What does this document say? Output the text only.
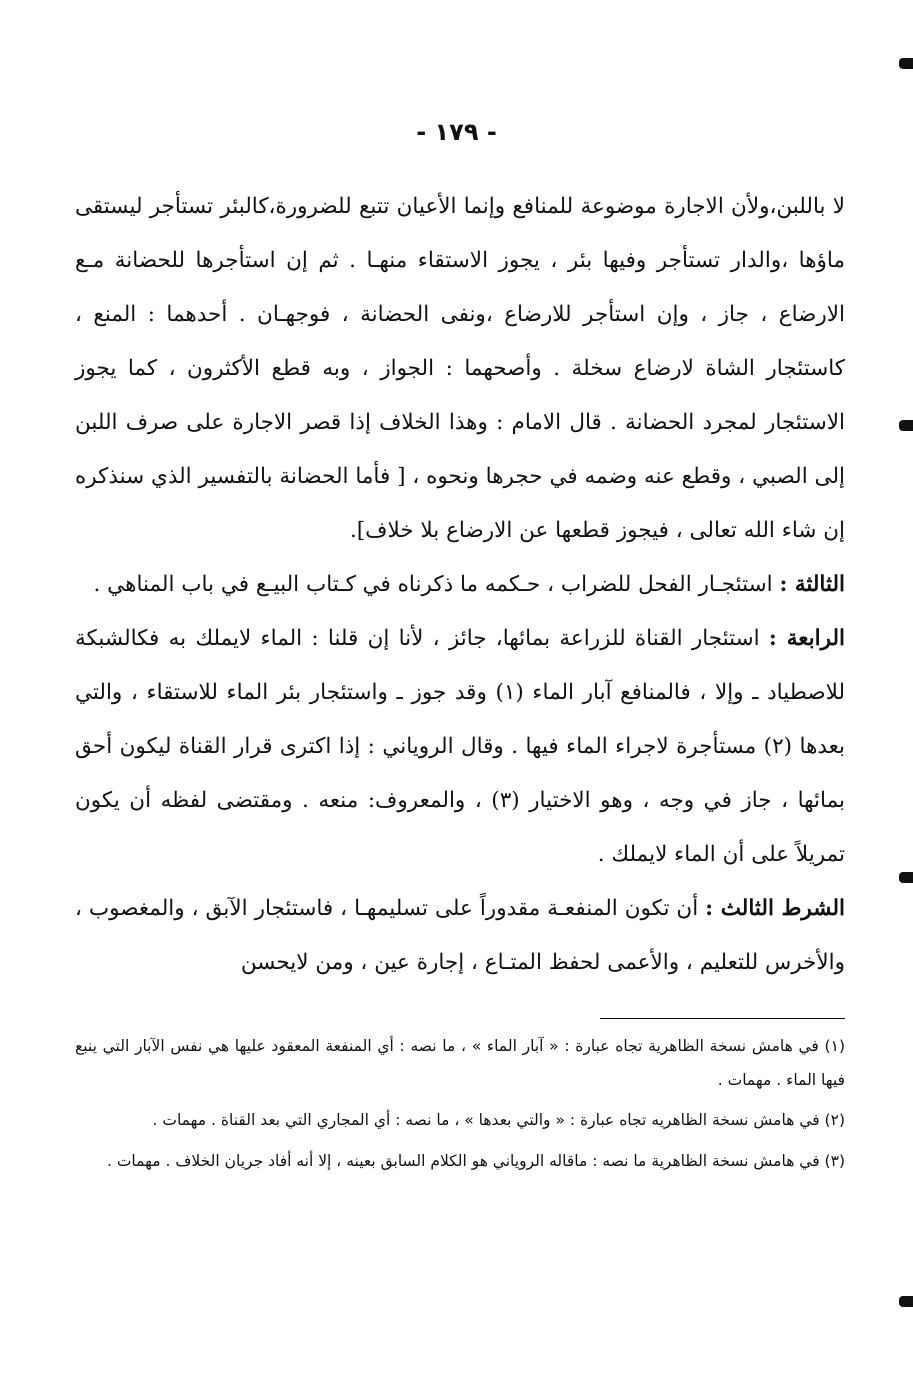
- ١٧٩ -

لا باللبن،ولأن الاجارة موضوعة للمنافع وإنما الأعيان تتبع للضرورة،كالبئر تستأجر ليستقى ماؤها ،والدار تستأجر وفيها بئر ، يجوز الاستقاء منهـا . ثم إن استأجرها للحضانة مـع الارضاع ، جاز ، وإن استأجر للارضاع ،ونفى الحضانة ، فوجهـان . أحدهما : المنع ، كاستئجار الشاة لارضاع سخلة . وأصحهما : الجواز ، وبه قطع الأكثرون ، كما يجوز الاستئجار لمجرد الحضانة . قال الامام : وهذا الخلاف إذا قصر الاجارة على صرف اللبن إلى الصبي ، وقطع عنه وضمه في حجرها ونحوه ، [ فأما الحضانة بالتفسير الذي سنذكره إن شاء الله تعالى ، فيجوز قطعها عن الارضاع بلا خلاف].

الثالثة : استئجـار الفحل للضراب ، حـكمه ما ذكرناه في كـتاب البيـع في باب المناهي .

الرابعة : استئجار القناة للزراعة بمائها، جائز ، لأنا إن قلنا : الماء لايملك به فكالشبكة للاصطياد ـ وإلا ، فالمنافع آبار الماء (١) وقد جوز ـ واستئجار بئر الماء للاستقاء ، والتي بعدها (٢) مستأجرة لاجراء الماء فيها . وقال الروياني : إذا اكترى قرار القناة ليكون أحق بمائها ، جاز في وجه ، وهو الاختيار (٣) ، والمعروف: منعه . ومقتضى لفظه أن يكون تمريلاً على أن الماء لايملك .

الشرط الثالث : أن تكون المنفعـة مقدوراً على تسليمهـا ، فاستئجار الآبق ، والمغصوب ، والأخرس للتعليم ، والأعمى لحفظ المتـاع ، إجارة عين ، ومن لايحسن

(١) في هامش نسخة الظاهرية تجاه عبارة : « آبار الماء » ، ما نصه : أي المنفعة المعقود عليها هي نفس الآبار التي ينبع فيها الماء . مهمات .

(٢) في هامش نسخة الظاهريه تجاه عبارة : « والتي بعدها » ، ما نصه : أي المجاري التي بعد القناة . مهمات .

(٣) في هامش نسخة الظاهرية ما نصه : ماقاله الروياني هو الكلام السابق بعينه ، إلا أنه أفاد جريان الخلاف . مهمات .
